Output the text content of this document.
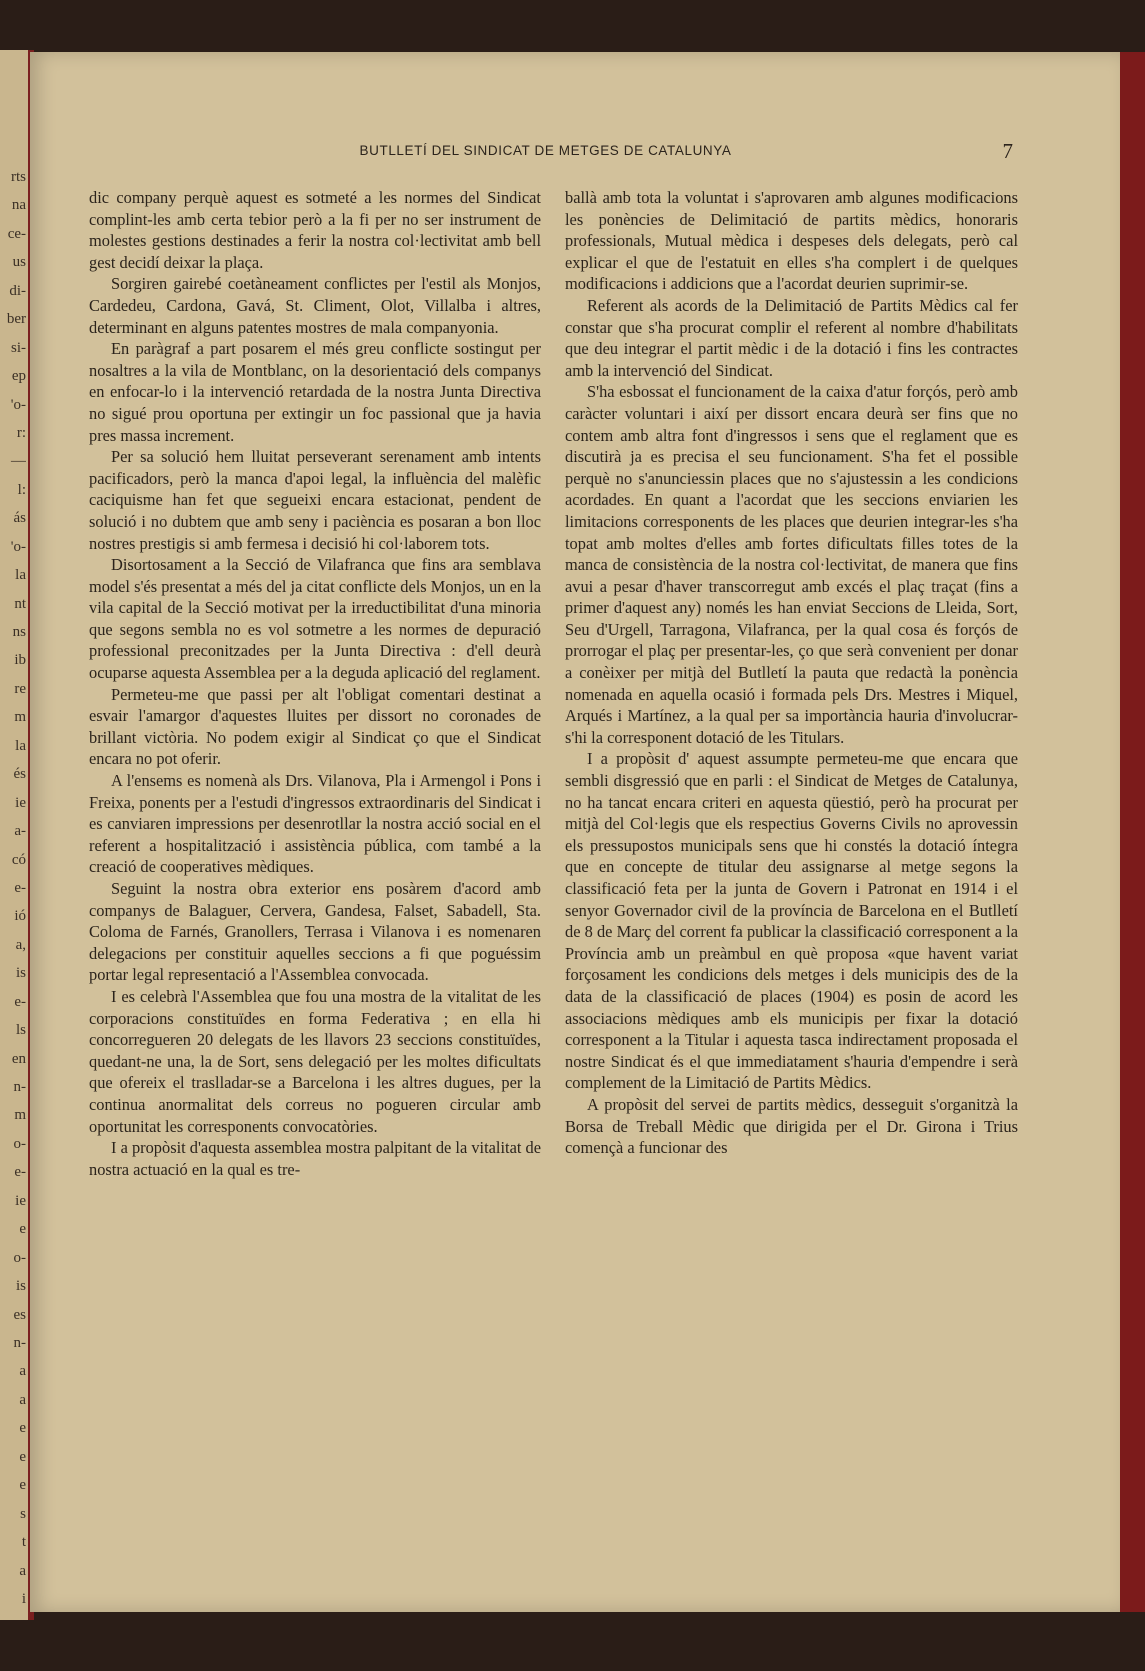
rts
na
ce-
us
di-
ber
si-
ep
'o-
r:
—
l:
ás
'o-
la
nt
ns
ib
re
m
la
és
ie
a-
có
e-
ió
a,
is
e-
ls
en
n-
m
o-
e-
ie
e
o-
is
es
n-
a
a
e
e
e
s
t
a
i
BUTLLETÍ DEL SINDICAT DE METGES DE CATALUNYA	7

dic company perquè aquest es sotmeté a les normes del Sindicat complint-les amb certa tebior però a la fi per no ser instrument de molestes gestions destinades a ferir la nostra col·lectivitat amb bell gest decidí deixar la plaça.

Sorgiren gairebé coetàneament conflictes per l'estil als Monjos, Cardedeu, Cardona, Gavá, St. Climent, Olot, Villalba i altres, determinant en alguns patentes mostres de mala companyonia.

En paràgraf a part posarem el més greu conflicte sostingut per nosaltres a la vila de Montblanc, on la desorientació dels companys en enfocar-lo i la intervenció retardada de la nostra Junta Directiva no sigué prou oportuna per extingir un foc passional que ja havia pres massa increment.

Per sa solució hem lluitat perseverant serenament amb intents pacificadors, però la manca d'apoi legal, la influència del malèfic caciquisme han fet que segueixi encara estacionat, pendent de solució i no dubtem que amb seny i paciència es posaran a bon lloc nostres prestigis si amb fermesa i decisió hi col·laborem tots.

Disortosament a la Secció de Vilafranca que fins ara semblava model s'és presentat a més del ja citat conflicte dels Monjos, un en la vila capital de la Secció motivat per la irreductibilitat d'una minoria que segons sembla no es vol sotmetre a les normes de depuració professional preconitzades per la Junta Directiva : d'ell deurà ocuparse aquesta Assemblea per a la deguda aplicació del reglament.

Permeteu-me que passi per alt l'obligat comentari destinat a esvair l'amargor d'aquestes lluites per dissort no coronades de brillant victòria. No podem exigir al Sindicat ço que el Sindicat encara no pot oferir.

A l'ensems es nomenà als Drs. Vilanova, Pla i Armengol i Pons i Freixa, ponents per a l'estudi d'ingressos extraordinaris del Sindicat i es canviaren impressions per desenrotllar la nostra acció social en el referent a hospitalització i assistència pública, com també a la creació de cooperatives mèdiques.

Seguint la nostra obra exterior ens posàrem d'acord amb companys de Balaguer, Cervera, Gandesa, Falset, Sabadell, Sta. Coloma de Farnés, Granollers, Terrasa i Vilanova i es nomenaren delegacions per constituir aquelles seccions a fi que poguéssim portar legal representació a l'Assemblea convocada.

I es celebrà l'Assemblea que fou una mostra de la vitalitat de les corporacions constituïdes en forma Federativa ; en ella hi concorregueren 20 delegats de les llavors 23 seccions constituïdes, quedant-ne una, la de Sort, sens delegació per les moltes dificultats que ofereix el traslladar-se a Barcelona i les altres dugues, per la continua anormalitat dels correus no pogueren circular amb oportunitat les corresponents convocatòries.

I a propòsit d'aquesta assemblea mostra palpitant de la vitalitat de nostra actuació en la qual es tre-

ballà amb tota la voluntat i s'aprovaren amb algunes modificacions les ponències de Delimitació de partits mèdics, honoraris professionals, Mutual mèdica i despeses dels delegats, però cal explicar el que de l'estatuit en elles s'ha complert i de quelques modificacions i addicions que a l'acordat deurien suprimir-se.

Referent als acords de la Delimitació de Partits Mèdics cal fer constar que s'ha procurat complir el referent al nombre d'habilitats que deu integrar el partit mèdic i de la dotació i fins les contractes amb la intervenció del Sindicat.

S'ha esbossat el funcionament de la caixa d'atur forçós, però amb caràcter voluntari i així per dissort encara deurà ser fins que no contem amb altra font d'ingressos i sens que el reglament que es discutirà ja es precisa el seu funcionament. S'ha fet el possible perquè no s'anunciessin places que no s'ajustessin a les condicions acordades. En quant a l'acordat que les seccions enviarien les limitacions corresponents de les places que deurien integrar-les s'ha topat amb moltes d'elles amb fortes dificultats filles totes de la manca de consistència de la nostra col·lectivitat, de manera que fins avui a pesar d'haver transcorregut amb excés el plaç traçat (fins a primer d'aquest any) només les han enviat Seccions de Lleida, Sort, Seu d'Urgell, Tarragona, Vilafranca, per la qual cosa és forçós de prorrogar el plaç per presentar-les, ço que serà convenient per donar a conèixer per mitjà del Butlletí la pauta que redactà la ponència nomenada en aquella ocasió i formada pels Drs. Mestres i Miquel, Arqués i Martínez, a la qual per sa importància hauria d'involucrar-s'hi la corresponent dotació de les Titulars.

I a propòsit d' aquest assumpte permeteu-me que encara que sembli disgressió que en parli : el Sindicat de Metges de Catalunya, no ha tancat encara criteri en aquesta qüestió, però ha procurat per mitjà del Col·legis que els respectius Governs Civils no aprovessin els pressupostos municipals sens que hi constés la dotació íntegra que en concepte de titular deu assignarse al metge segons la classificació feta per la junta de Govern i Patronat en 1914 i el senyor Governador civil de la província de Barcelona en el Butlletí de 8 de Març del corrent fa publicar la classificació corresponent a la Província amb un preàmbul en què proposa «que havent variat forçosament les condicions dels metges i dels municipis des de la data de la classificació de places (1904) es posin de acord les associacions mèdiques amb els municipis per fixar la dotació corresponent a la Titular i aquesta tasca indirectament proposada el nostre Sindicat és el que immediatament s'hauria d'empendre i serà complement de la Limitació de Partits Mèdics.

A propòsit del servei de partits mèdics, desseguit s'organitzà la Borsa de Treball Mèdic que dirigida per el Dr. Girona i Trius començà a funcionar des
